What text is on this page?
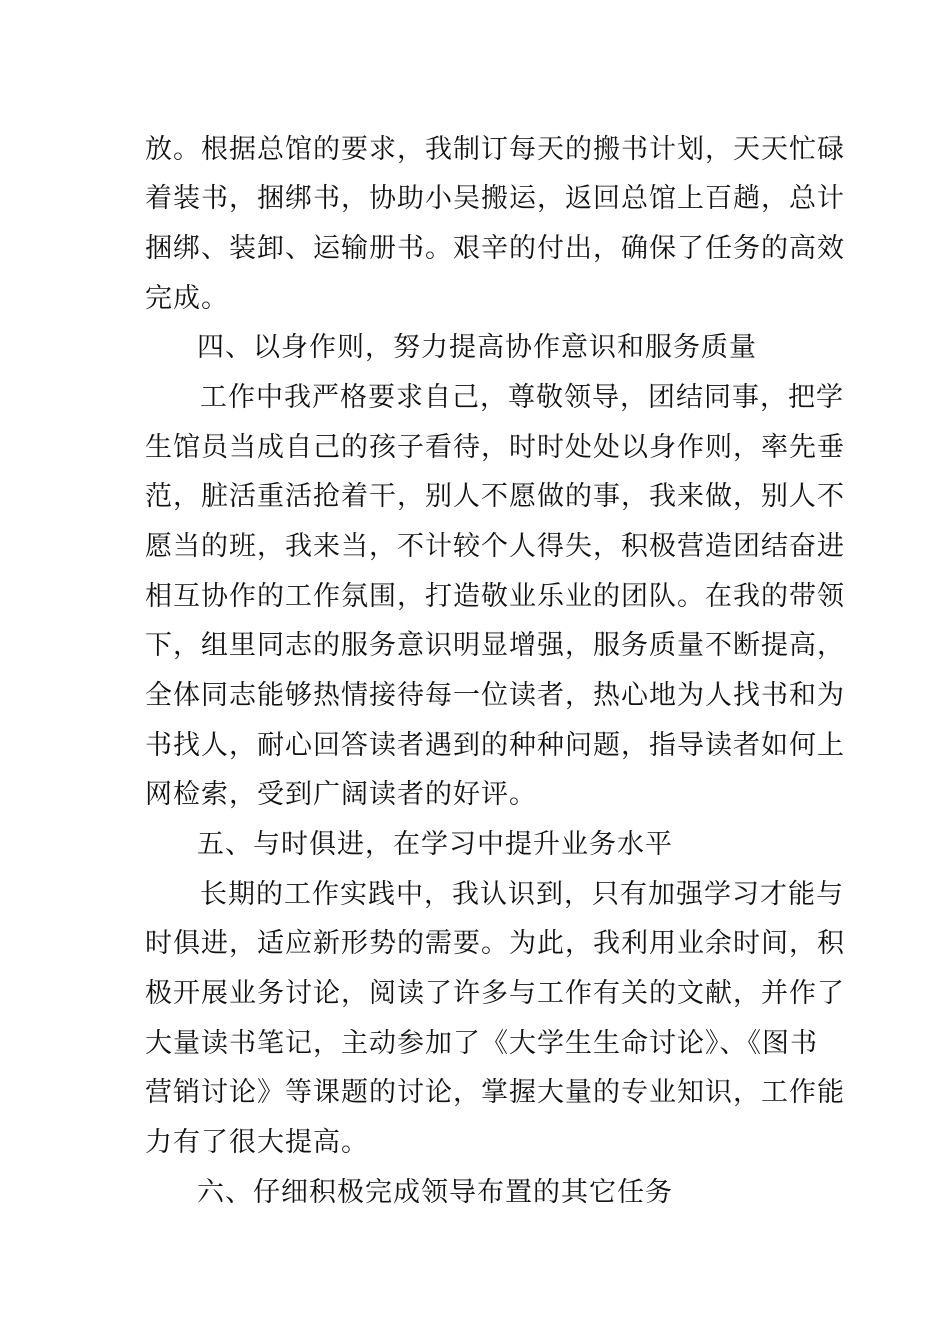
放。根据总馆的要求，我制订每天的搬书计划，天天忙碌
着装书，捆绑书，协助小吴搬运，返回总馆上百趟，总计
捆绑、装卸、运输册书。艰辛的付出，确保了任务的高效
完成。
四、以身作则，努力提高协作意识和服务质量
工作中我严格要求自己，尊敬领导，团结同事，把学
生馆员当成自己的孩子看待，时时处处以身作则，率先垂
范，脏活重活抢着干，别人不愿做的事，我来做，别人不
愿当的班，我来当，不计较个人得失，积极营造团结奋进
相互协作的工作氛围，打造敬业乐业的团队。在我的带领
下，组里同志的服务意识明显增强，服务质量不断提高，
全体同志能够热情接待每一位读者，热心地为人找书和为
书找人，耐心回答读者遇到的种种问题，指导读者如何上
网检索，受到广阔读者的好评。
五、与时俱进，在学习中提升业务水平
长期的工作实践中，我认识到，只有加强学习才能与
时俱进，适应新形势的需要。为此，我利用业余时间，积
极开展业务讨论，阅读了许多与工作有关的文献，并作了
大量读书笔记，主动参加了《大学生生命讨论》、《图书
营销讨论》等课题的讨论，掌握大量的专业知识，工作能
力有了很大提高。
六、仔细积极完成领导布置的其它任务
